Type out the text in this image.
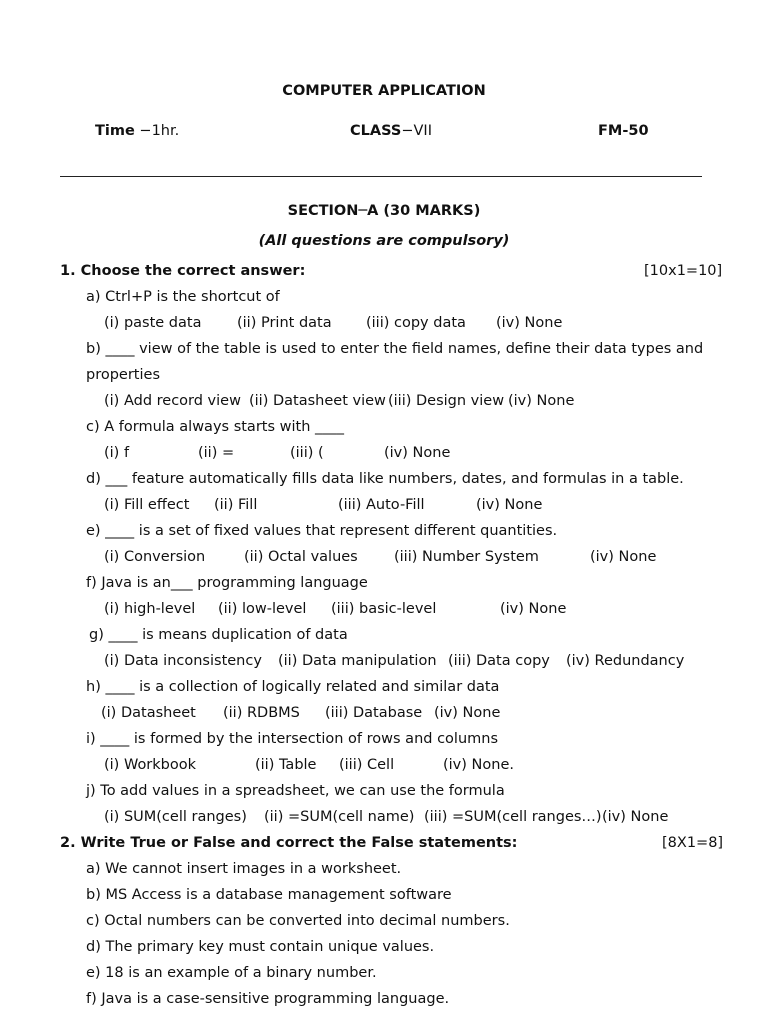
COMPUTER APPLICATION
Time −1hr.	CLASS−VII	FM-50
SECTION─A (30 MARKS)
(All questions are compulsory)
1. Choose the correct answer:	[10x1=10]
a) Ctrl+P is the shortcut of
(i) paste data (ii) Print data (iii) copy data (iv) None
b) ____ view of the table is used to enter the field names, define their data types and
properties
(i) Add record view (ii) Datasheet view (iii) Design view (iv) None
c) A formula always starts with ____
(i) f	(ii) =	(iii) (	(iv) None
d) ___ feature automatically fills data like numbers, dates, and formulas in a table.
(i) Fill effect (ii) Fill	(iii) Auto-Fill	(iv) None
e) ____ is a set of fixed values that represent different quantities.
(i) Conversion	(ii) Octal values	(iii) Number System	(iv) None
f) Java is an___ programming language
(i) high-level (ii) low-level (iii) basic-level	(iv) None
g) ____ is means duplication of data
(i) Data inconsistency (ii) Data manipulation (iii) Data copy (iv) Redundancy
h) ____ is a collection of logically related and similar data
(i) Datasheet (ii) RDBMS (iii) Database (iv) None
i) ____ is formed by the intersection of rows and columns
(i) Workbook	(ii) Table (iii) Cell	(iv) None.
j) To add values in a spreadsheet, we can use the formula
(i) SUM(cell ranges) (ii) =SUM(cell name) (iii) =SUM(cell ranges…) (iv) None
2. Write True or False and correct the False statements:	[8X1=8]
a) We cannot insert images in a worksheet.
b) MS Access is a database management software
c) Octal numbers can be converted into decimal numbers.
d) The primary key must contain unique values.
e) 18 is an example of a binary number.
f) Java is a case-sensitive programming language.
